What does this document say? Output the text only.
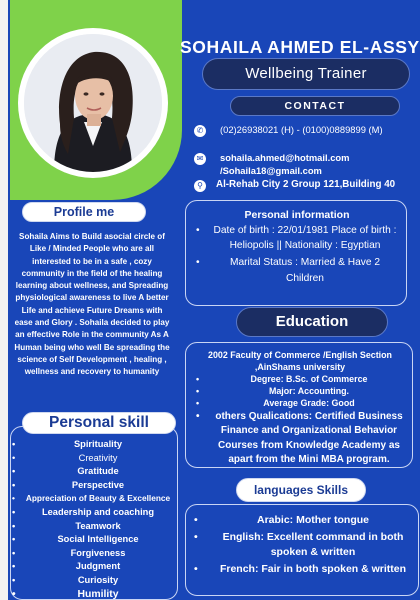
SOHAILA AHMED EL-ASSY
Wellbeing Trainer
CONTACT
✆ (02)26938021 (H) - (0100)0889899 (M)
✉ sohaila.ahmed@hotmail.com
/Sohaila18@gmail.com
⚲	Al-Rehab City 2 Group 121,Building 40
Profile me
Sohaila Aims to Build asocial circle of Like / Minded People who are all interested to be in a safe , cozy community in the field of the healing learning about wellness, and Spreading physiological awareness to live A better Life and achieve Future Dreams with ease and Glory . Sohaila decided to play an effective Role in the community As A Human being who well Be spreading the science of Self Development , healing , wellness and recovery to humanity
Personal information
• Date of birth : 22/01/1981 Place of birth : Heliopolis || Nationality : Egyptian
• Marital Status : Married & Have 2 Children
Education
2002 Faculty of Commerce /English Section ,AinShams university
• Degree: B.Sc. of Commerce
• Major: Accounting.
• Average Grade: Good
• others Qualications: Certified Business Finance and Organizational Behavior Courses from Knowledge Academy as apart from the Mini MBA program.
languages Skills
• Arabic: Mother tongue
• English: Excellent command in both spoken & written
• French: Fair in both spoken & written
Personal skill
• Spirituality
• Creativity
• Gratitude
• Perspective
• Appreciation of Beauty & Excellence
• Leadership and coaching
• Teamwork
• Social Intelligence
• Forgiveness
• Judgment
• Curiosity
• Humility
